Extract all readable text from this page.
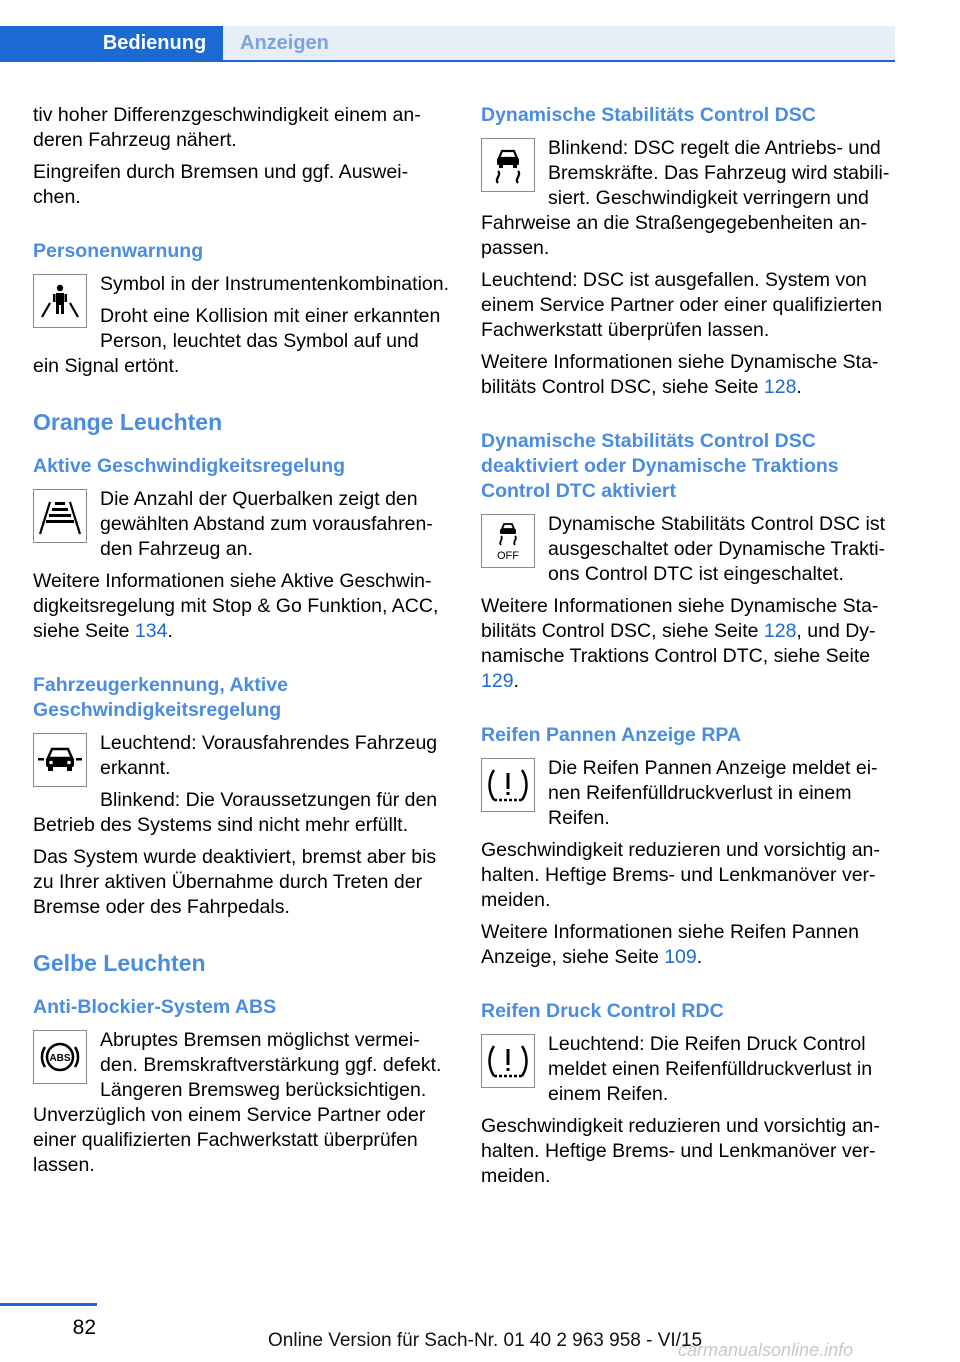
Bedienung	Anzeigen

tiv hoher Differenzgeschwindigkeit einem anderen Fahrzeug nähert.

Eingreifen durch Bremsen und ggf. Ausweichen.

Personenwarnung

Symbol in der Instrumentenkombination.

Droht eine Kollision mit einer erkannten Person, leuchtet das Symbol auf und ein Signal ertönt.

Orange Leuchten
Aktive Geschwindigkeitsregelung

Die Anzahl der Querbalken zeigt den gewählten Abstand zum vorausfahrenden Fahrzeug an.

Weitere Informationen siehe Aktive Geschwindigkeitsregelung mit Stop & Go Funktion, ACC, siehe Seite 134.

Fahrzeugerkennung, Aktive Geschwindigkeitsregelung

Leuchtend: Vorausfahrendes Fahrzeug erkannt.

Blinkend: Die Voraussetzungen für den Betrieb des Systems sind nicht mehr erfüllt.

Das System wurde deaktiviert, bremst aber bis zu Ihrer aktiven Übernahme durch Treten der Bremse oder des Fahrpedals.

Gelbe Leuchten
Anti-Blockier-System ABS
ABS

Abruptes Bremsen möglichst vermeiden. Bremskraftverstärkung ggf. defekt. Längeren Bremsweg berücksichtigen. Unverzüglich von einem Service Partner oder einer qualifizierten Fachwerkstatt überprüfen lassen.

Dynamische Stabilitäts Control DSC

Blinkend: DSC regelt die Antriebs- und Bremskräfte. Das Fahrzeug wird stabilisiert. Geschwindigkeit verringern und Fahrweise an die Straßengegebenheiten anpassen.

Leuchtend: DSC ist ausgefallen. System von einem Service Partner oder einer qualifizierten Fachwerkstatt überprüfen lassen.

Weitere Informationen siehe Dynamische Stabilitäts Control DSC, siehe Seite 128.

Dynamische Stabilitäts Control DSC deaktiviert oder Dynamische Traktions Control DTC aktiviert
OFF

Dynamische Stabilitäts Control DSC ist ausgeschaltet oder Dynamische Traktions Control DTC ist eingeschaltet.

Weitere Informationen siehe Dynamische Stabilitäts Control DSC, siehe Seite 128, und Dynamische Traktions Control DTC, siehe Seite 129.

Reifen Pannen Anzeige RPA

Die Reifen Pannen Anzeige meldet einen Reifenfülldruckverlust in einem Reifen.

Geschwindigkeit reduzieren und vorsichtig anhalten. Heftige Brems- und Lenkmanöver vermeiden.

Weitere Informationen siehe Reifen Pannen Anzeige, siehe Seite 109.

Reifen Druck Control RDC

Leuchtend: Die Reifen Druck Control meldet einen Reifenfülldruckverlust in einem Reifen.

Geschwindigkeit reduzieren und vorsichtig anhalten. Heftige Brems- und Lenkmanöver vermeiden.

82
Online Version für Sach-Nr. 01 40 2 963 958 - VI/15
carmanualsonline.info
